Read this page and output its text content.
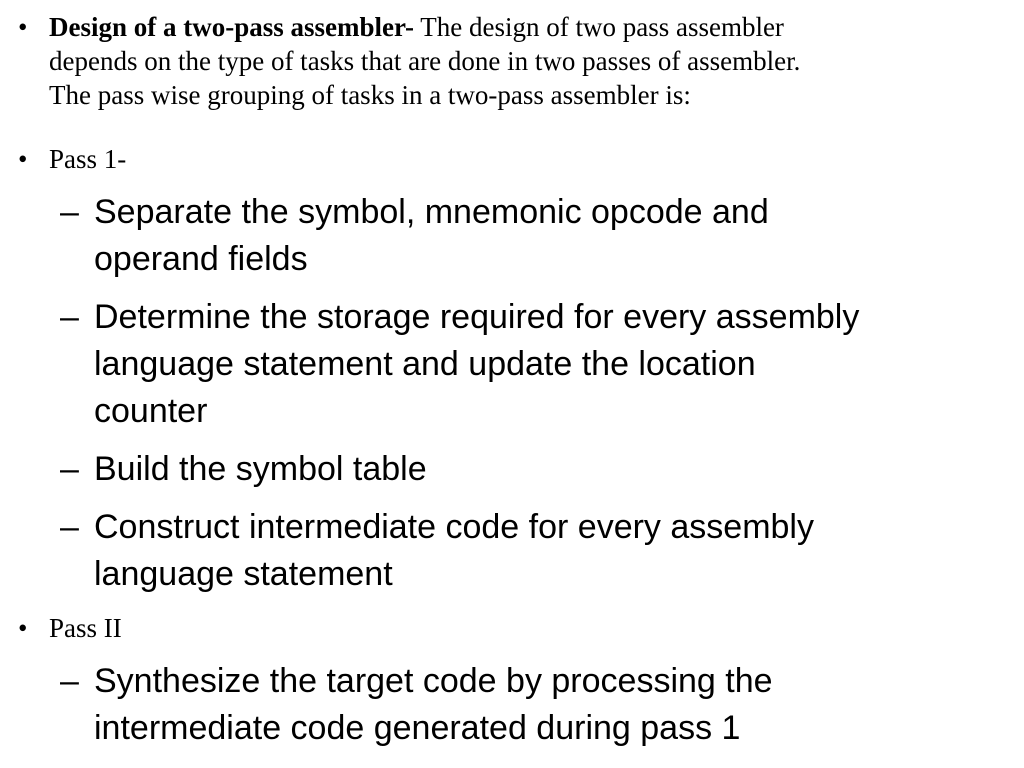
• Design of a two-pass assembler- The design of two pass assembler
depends on the type of tasks that are done in two passes of assembler.
The pass wise grouping of tasks in a two-pass assembler is:
• Pass 1-
– Separate the symbol, mnemonic opcode and
operand fields
– Determine the storage required for every assembly
language statement and update the location
counter
– Build the symbol table
– Construct intermediate code for every assembly
language statement
• Pass II
– Synthesize the target code by processing the
intermediate code generated during pass 1
